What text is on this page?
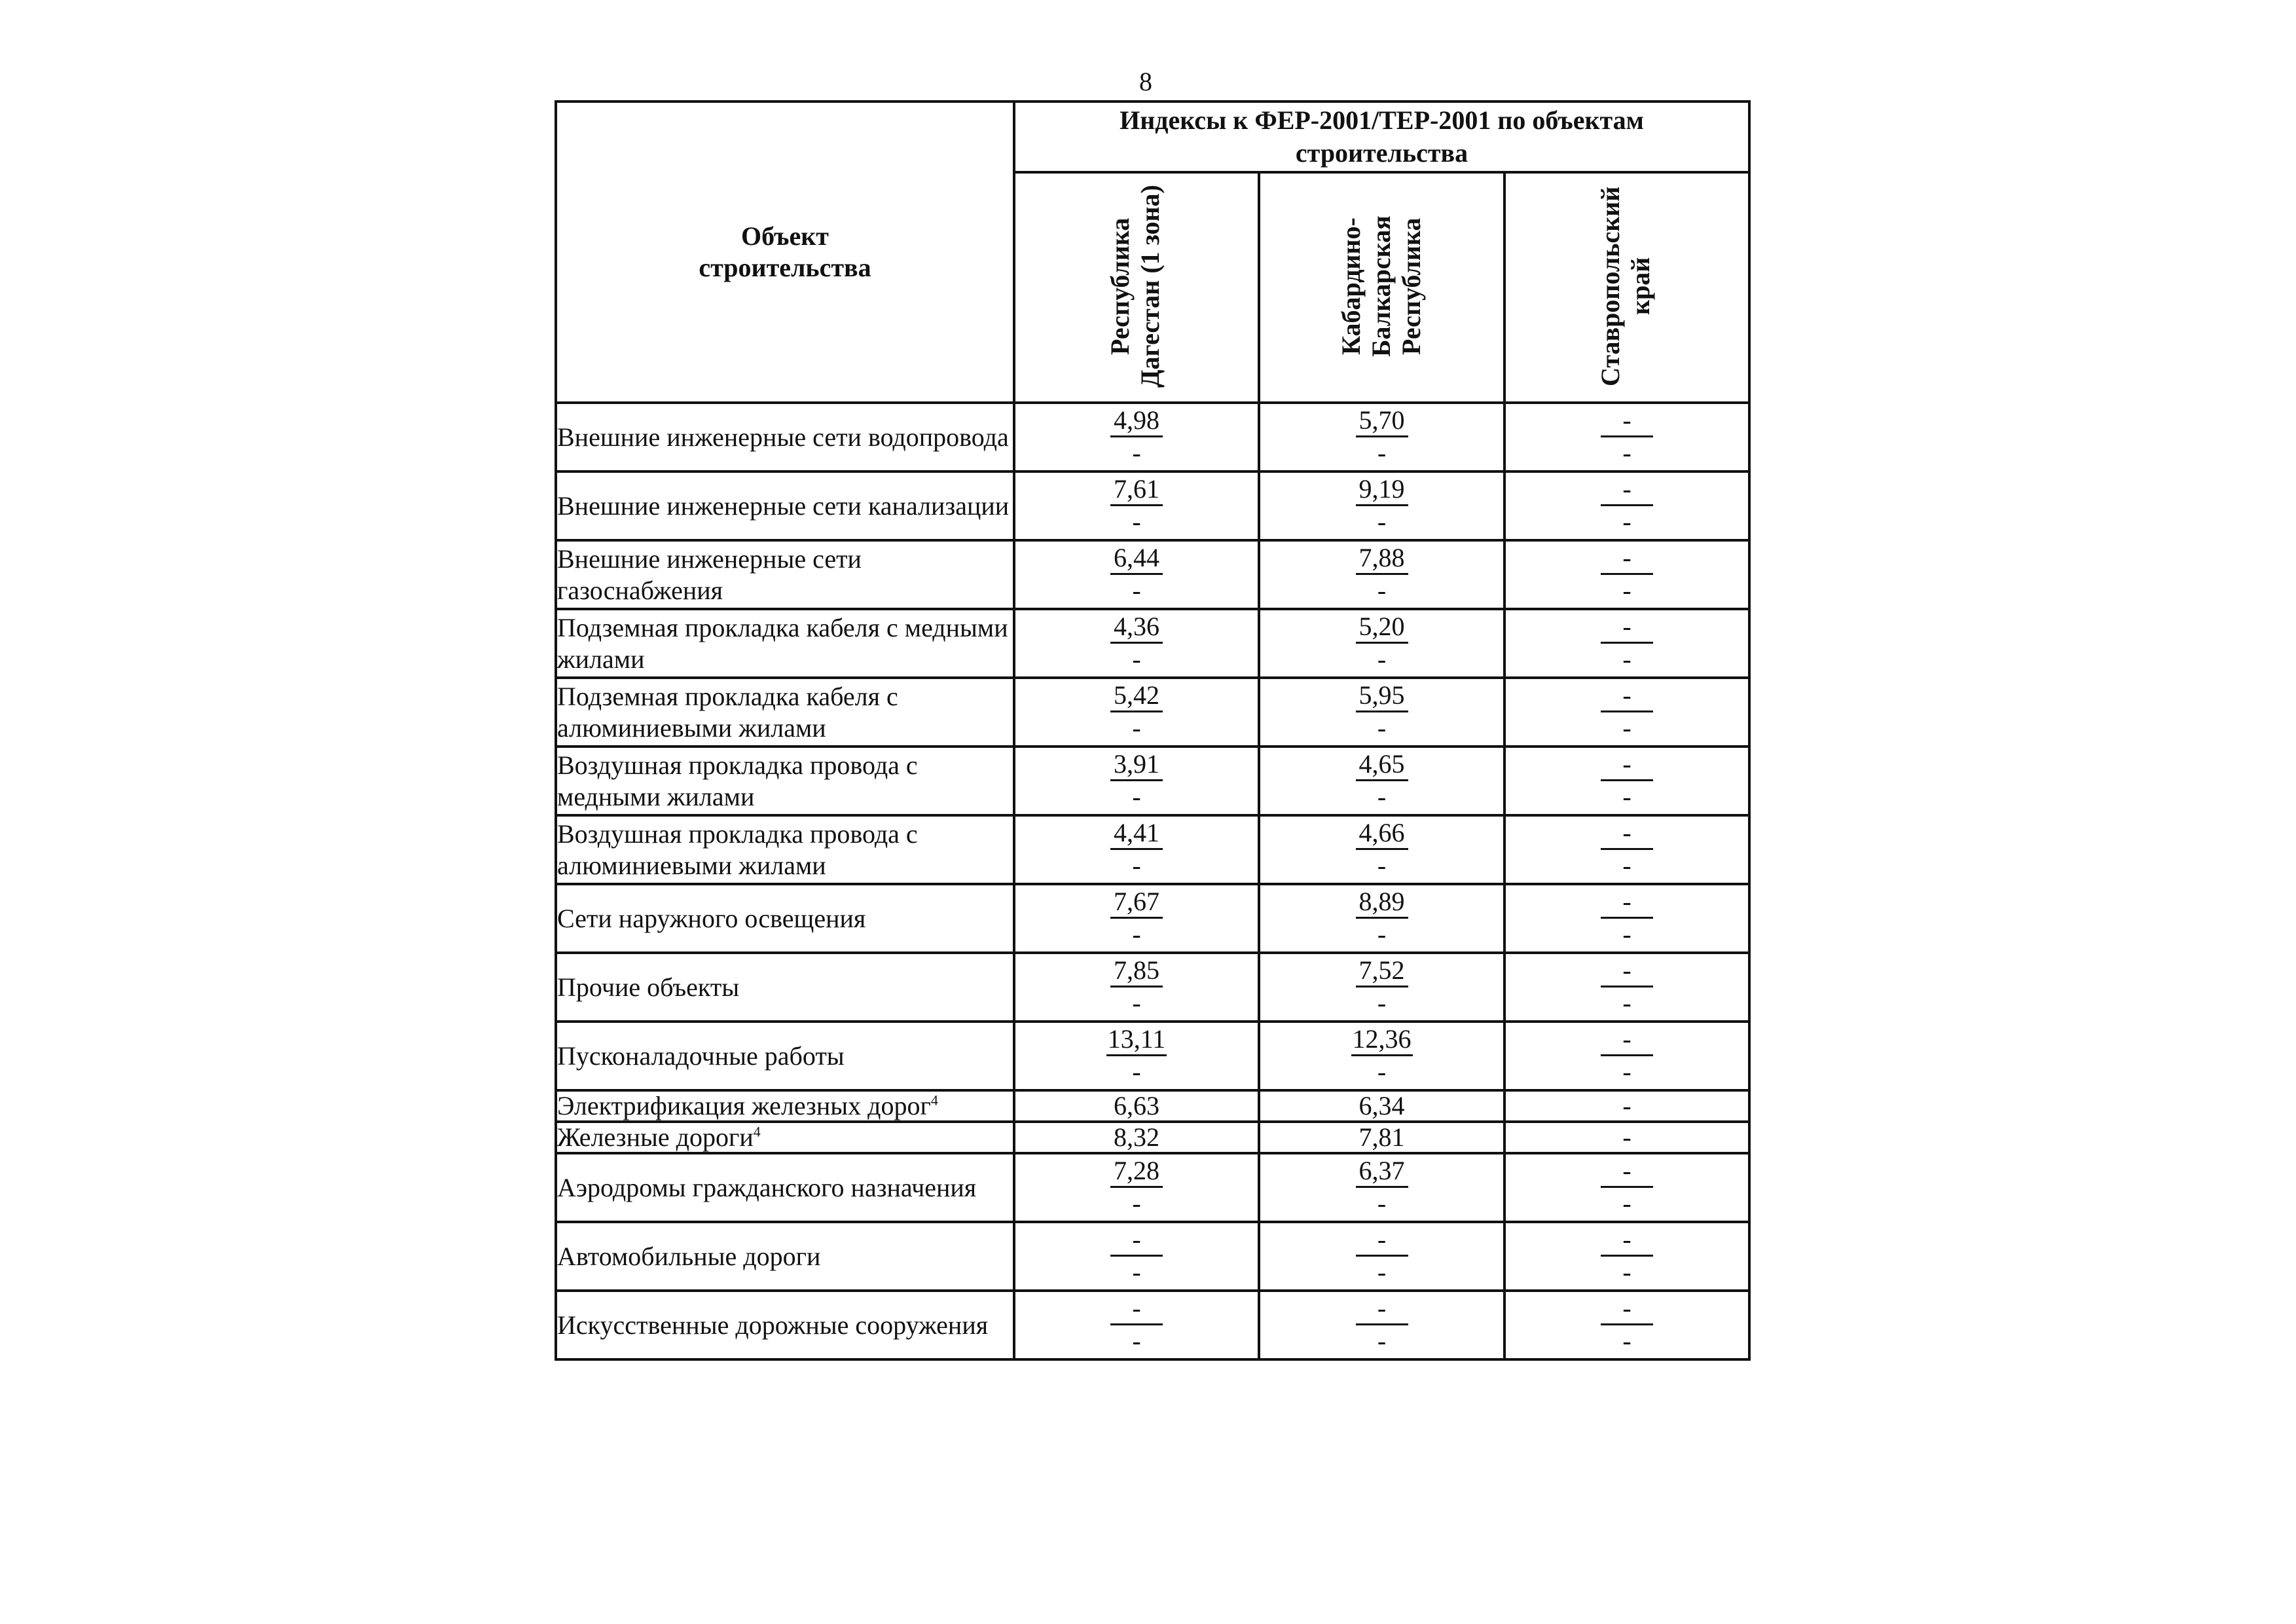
8
Объект строительства	Индексы к ФЕР-2001/ТЕР-2001 по объектам строительства		
	Республика Дагестан (1 зона)	Кабардино-Балкарская Республика	Ставропольский край
Внешние инженерные сети водопровода	$\frac{4,98}{-}$	$\frac{5,70}{-}$	$\frac{-}{-}$

Внешние инженерные сети канализации	$\frac{7,61}{-}$	$\frac{9,19}{-}$	$\frac{-}{-}$

Внешние инженерные сети газоснабжения	$\frac{6,44}{-}$	$\frac{7,88}{-}$	$\frac{-}{-}$

Подземная прокладка кабеля с медными жилами	$\frac{4,36}{-}$	$\frac{5,20}{-}$	$\frac{-}{-}$

Подземная прокладка кабеля с алюминиевыми жилами	$\frac{5,42}{-}$	$\frac{5,95}{-}$	$\frac{-}{-}$

Воздушная прокладка провода с медными жилами	$\frac{3,91}{-}$	$\frac{4,65}{-}$	$\frac{-}{-}$

Воздушная прокладка провода с алюминиевыми жилами	$\frac{4,41}{-}$	$\frac{4,66}{-}$	$\frac{-}{-}$

Сети наружного освещения	$\frac{7,67}{-}$	$\frac{8,89}{-}$	$\frac{-}{-}$

Прочие объекты	$\frac{7,85}{-}$	$\frac{7,52}{-}$	$\frac{-}{-}$

Пусконаладочные работы	$\frac{13,11}{-}$	$\frac{12,36}{-}$	$\frac{-}{-}$

Электрификация железных дорог$^4$	6,63	6,34	-
Железные дороги$^4$	8,32	7,81	-
Аэродромы гражданского назначения	$\frac{7,28}{-}$	$\frac{6,37}{-}$	$\frac{-}{-}$

Автомобильные дороги	$\frac{-}{-}$	$\frac{-}{-}$	$\frac{-}{-}$

Искусственные дорожные сооружения	$\frac{-}{-}$	$\frac{-}{-}$	$\frac{-}{-}$
